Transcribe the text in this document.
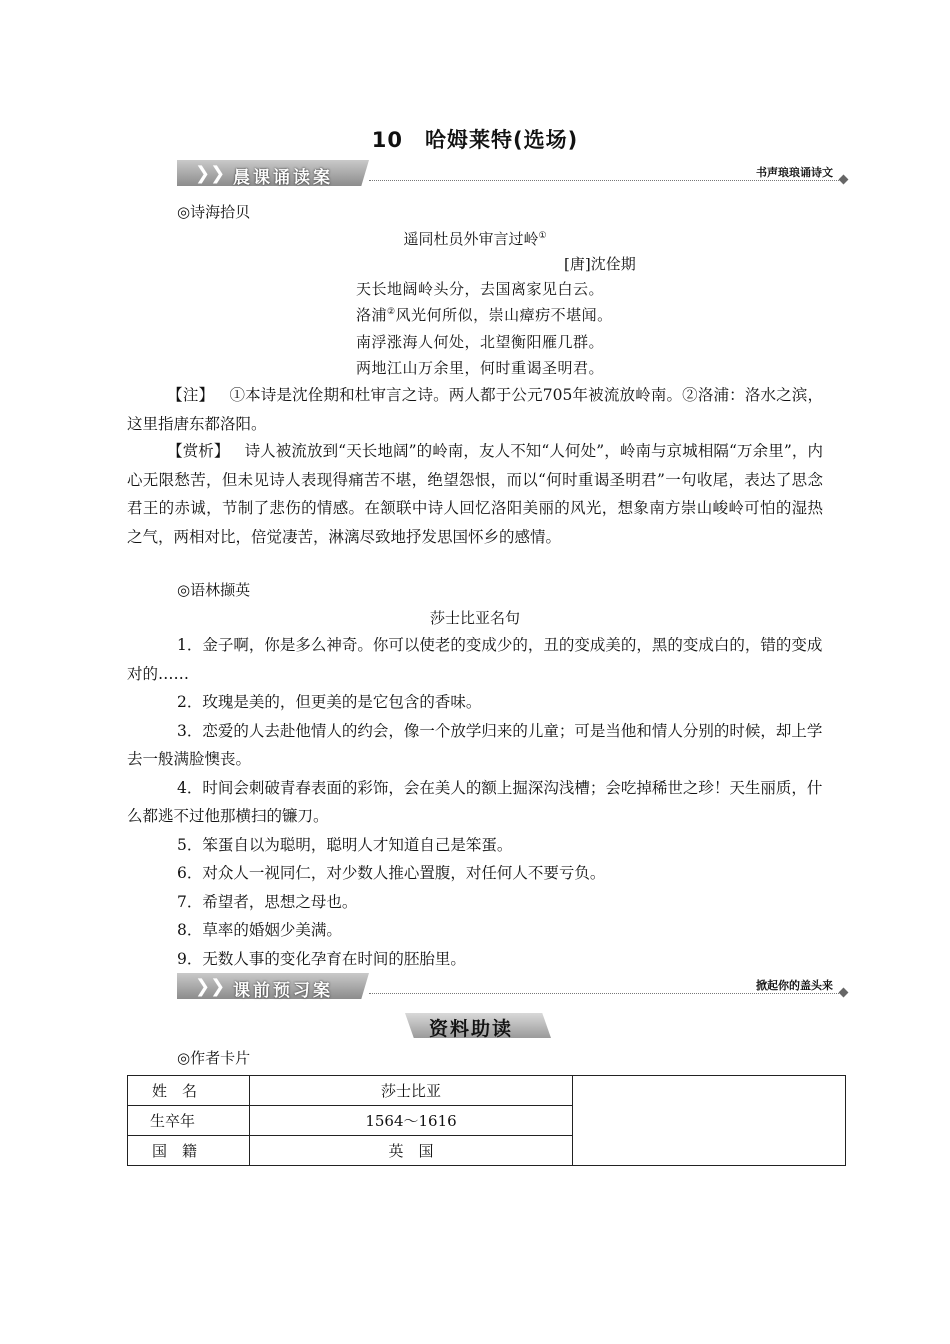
10 哈姆莱特(选场)
❯❯ 晨课诵读案	书声琅琅诵诗文
◎诗海拾贝
遥同杜员外审言过岭①
[唐]沈佺期
天长地阔岭头分，去国离家见白云。
洛浦②风光何所似，崇山瘴疠不堪闻。
南浮涨海人何处，北望衡阳雁几群。
两地江山万余里，何时重谒圣明君。
【注】 ①本诗是沈佺期和杜审言之诗。两人都于公元705年被流放岭南。②洛浦：洛水之滨，这里指唐东都洛阳。
【赏析】 诗人被流放到“天长地阔”的岭南，友人不知“人何处”，岭南与京城相隔“万余里”，内心无限愁苦，但未见诗人表现得痛苦不堪，绝望怨恨，而以“何时重谒圣明君”一句收尾，表达了思念君王的赤诚，节制了悲伤的情感。在颔联中诗人回忆洛阳美丽的风光，想象南方崇山峻岭可怕的湿热之气，两相对比，倍觉凄苦，淋漓尽致地抒发思国怀乡的感情。
◎语林撷英
莎士比亚名句
1．金子啊，你是多么神奇。你可以使老的变成少的，丑的变成美的，黑的变成白的，错的变成对的……
2．玫瑰是美的，但更美的是它包含的香味。
3．恋爱的人去赴他情人的约会，像一个放学归来的儿童；可是当他和情人分别的时候，却上学去一般满脸懊丧。
4．时间会刺破青春表面的彩饰，会在美人的额上掘深沟浅槽；会吃掉稀世之珍！天生丽质，什么都逃不过他那横扫的镰刀。
5．笨蛋自以为聪明，聪明人才知道自己是笨蛋。
6．对众人一视同仁，对少数人推心置腹，对任何人不要亏负。
7．希望者，思想之母也。
8．草率的婚姻少美满。
9．无数人事的变化孕育在时间的胚胎里。
❯❯ 课前预习案	掀起你的盖头来
资料助读
◎作者卡片
姓　名	莎士比亚	
生卒年	1564～1616	
国　籍	英　国	
